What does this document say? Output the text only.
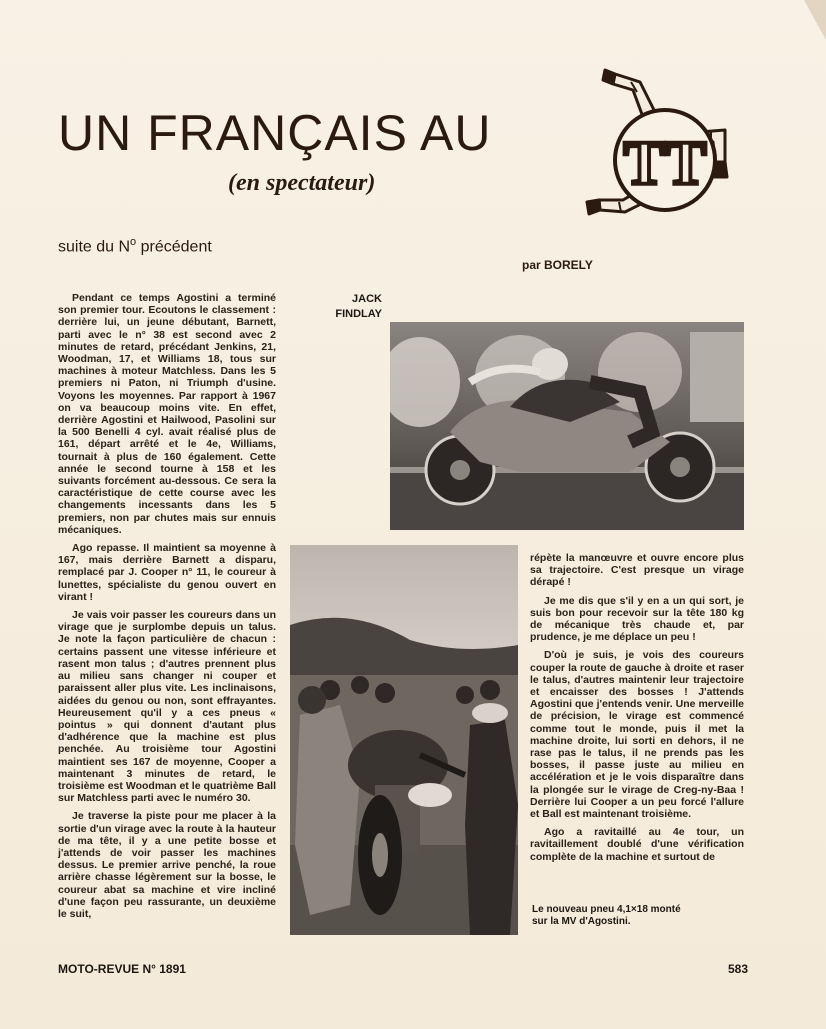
UN FRANÇAIS AU
(en spectateur)	TT
suite du $N^o$ précédent
par BORELY

Pendant ce temps Agostini a terminé son premier tour. Ecoutons le classement : derrière lui, un jeune débutant, Barnett, parti avec le n° 38 est second avec 2 minutes de retard, précédant Jenkins, 21, Woodman, 17, et Williams 18, tous sur machines à moteur Matchless. Dans les 5 premiers ni Paton, ni Triumph d'usine. Voyons les moyennes. Par rapport à 1967 on va beaucoup moins vite. En effet, derrière Agostini et Hailwood, Pasolini sur la 500 Benelli 4 cyl. avait réalisé plus de 161, départ arrêté et le 4e, Williams, tournait à plus de 160 également. Cette année le second tourne à 158 et les suivants forcément au-dessous. Ce sera la caractéristique de cette course avec les changements incessants dans les 5 premiers, non par chutes mais sur ennuis mécaniques.

Ago repasse. Il maintient sa moyenne à 167, mais derrière Barnett a disparu, remplacé par J. Cooper n° 11, le coureur à lunettes, spécialiste du genou ouvert en virant !

Je vais voir passer les coureurs dans un virage que je surplombe depuis un talus. Je note la façon particulière de chacun : certains passent une vitesse inférieure et rasent mon talus ; d'autres prennent plus au milieu sans changer ni couper et paraissent aller plus vite. Les inclinaisons, aidées du genou ou non, sont effrayantes. Heureusement qu'il y a ces pneus « pointus » qui donnent d'autant plus d'adhérence que la machine est plus penchée. Au troisième tour Agostini maintient ses 167 de moyenne, Cooper a maintenant 3 minutes de retard, le troisième est Woodman et le quatrième Ball sur Matchless parti avec le numéro 30.

Je traverse la piste pour me placer à la sortie d'un virage avec la route à la hauteur de ma tête, il y a une petite bosse et j'attends de voir passer les machines dessus. Le premier arrive penché, la roue arrière chasse légèrement sur la bosse, le coureur abat sa machine et vire incliné d'une façon peu rassurante, un deuxième le suit,

JACK
FINDLAY

répète la manœuvre et ouvre encore plus sa trajectoire. C'est presque un virage dérapé !

Je me dis que s'il y en a un qui sort, je suis bon pour recevoir sur la tête 180 kg de mécanique très chaude et, par prudence, je me déplace un peu !

D'où je suis, je vois des coureurs couper la route de gauche à droite et raser le talus, d'autres maintenir leur trajectoire et encaisser des bosses ! J'attends Agostini que j'entends venir. Une merveille de précision, le virage est commencé comme tout le monde, puis il met la machine droite, lui sorti en dehors, il ne rase pas le talus, il ne prends pas les bosses, il passe juste au milieu en accélération et je le vois disparaître dans la plongée sur le virage de Creg-ny-Baa ! Derrière lui Cooper a un peu forcé l'allure et Ball est maintenant troisième.

Ago a ravitaillé au 4e tour, un ravitaillement doublé d'une vérification complète de la machine et surtout de

Le nouveau pneu 4,1×18 monté sur la MV d'Agostini.
MOTO-REVUE N° 1891	583
